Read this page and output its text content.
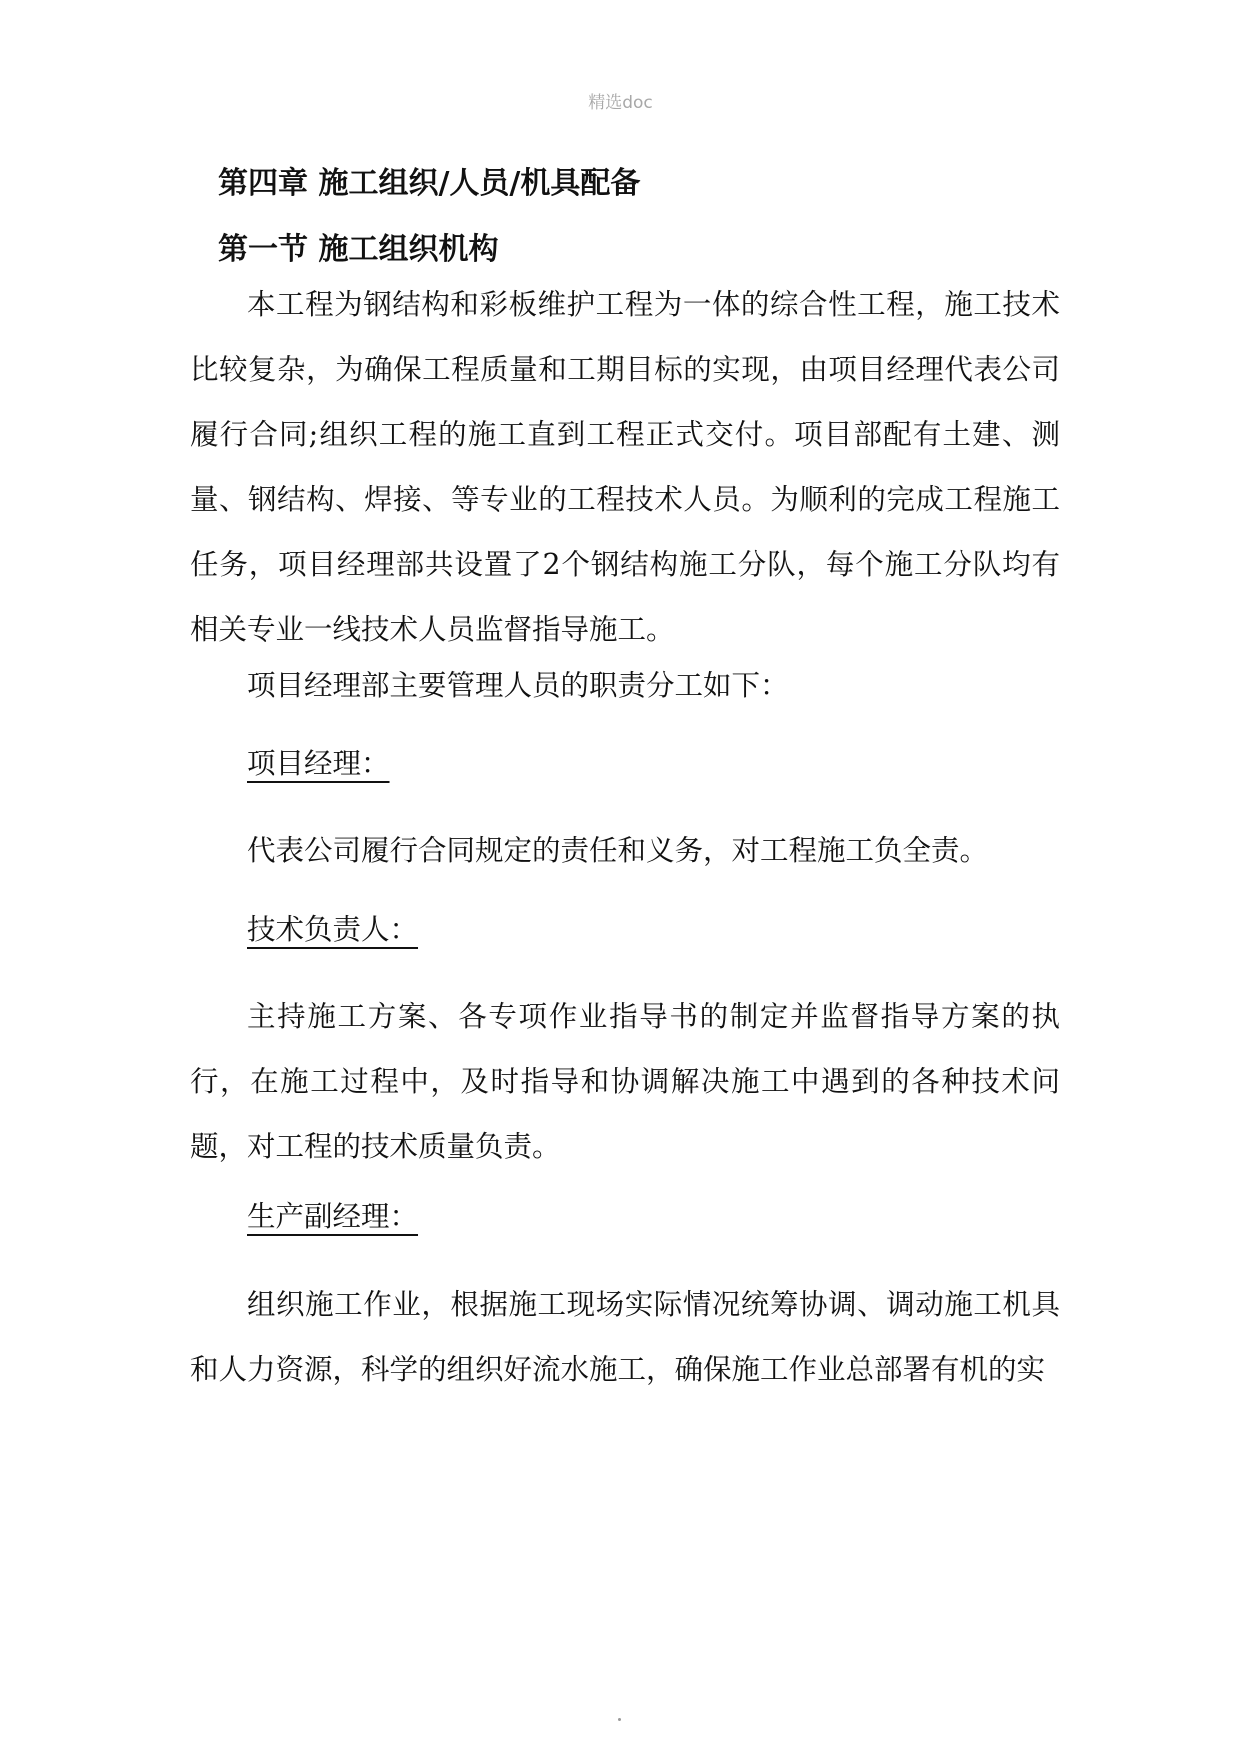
精选doc
第四章 施工组织/人员/机具配备
第一节 施工组织机构

本工程为钢结构和彩板维护工程为一体的综合性工程，施工技术比较复杂，为确保工程质量和工期目标的实现，由项目经理代表公司履行合同;组织工程的施工直到工程正式交付。项目部配有土建、测量、钢结构、焊接、等专业的工程技术人员。为顺利的完成工程施工任务，项目经理部共设置了2个钢结构施工分队，每个施工分队均有相关专业一线技术人员监督指导施工。

项目经理部主要管理人员的职责分工如下：

项目经理：

代表公司履行合同规定的责任和义务，对工程施工负全责。

技术负责人：

主持施工方案、各专项作业指导书的制定并监督指导方案的执行，在施工过程中，及时指导和协调解决施工中遇到的各种技术问题，对工程的技术质量负责。

生产副经理：

组织施工作业，根据施工现场实际情况统筹协调、调动施工机具和人力资源，科学的组织好流水施工，确保施工作业总部署有机的实
